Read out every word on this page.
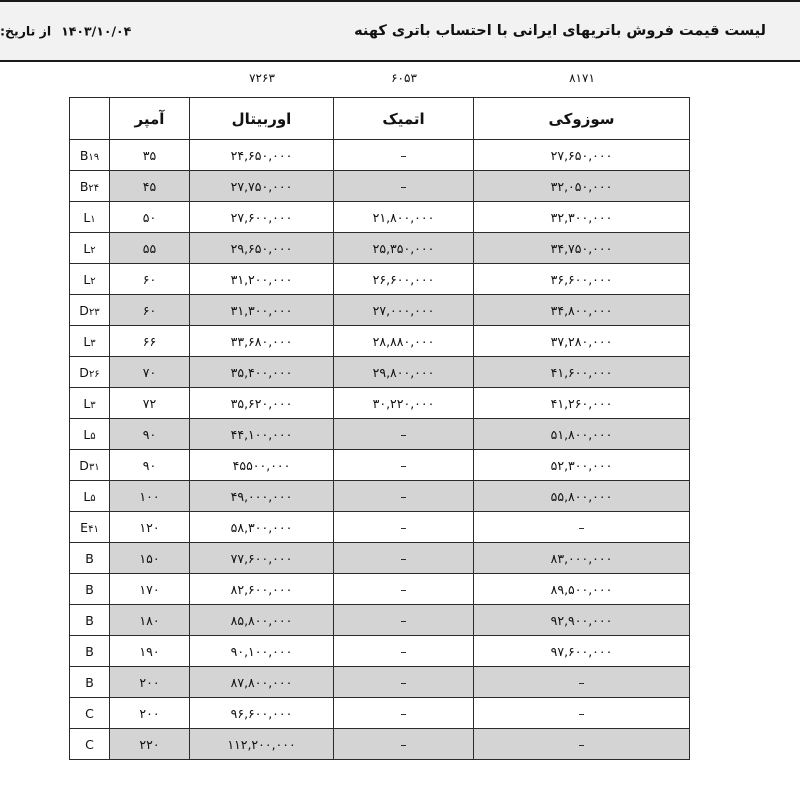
لیست قیمت فروش باتریهای ایرانی با احتساب باتری کهنه
از تاریخ: ۱۴۰۳/۱۰/۰۴
۸۱۷۱
۶۰۵۳
۷۲۶۳
سوزوکی	اتمیک	اوربیتال	آمپر	
۲۷,۶۵۰,۰۰۰	–	۲۴,۶۵۰,۰۰۰	۳۵	B۱۹
۳۲,۰۵۰,۰۰۰	–	۲۷,۷۵۰,۰۰۰	۴۵	B۲۴
۳۲,۳۰۰,۰۰۰	۲۱,۸۰۰,۰۰۰	۲۷,۶۰۰,۰۰۰	۵۰	L۱
۳۴,۷۵۰,۰۰۰	۲۵,۳۵۰,۰۰۰	۲۹,۶۵۰,۰۰۰	۵۵	L۲
۳۶,۶۰۰,۰۰۰	۲۶,۶۰۰,۰۰۰	۳۱,۲۰۰,۰۰۰	۶۰	L۲
۳۴,۸۰۰,۰۰۰	۲۷,۰۰۰,۰۰۰	۳۱,۳۰۰,۰۰۰	۶۰	D۲۳
۳۷,۲۸۰,۰۰۰	۲۸,۸۸۰,۰۰۰	۳۳,۶۸۰,۰۰۰	۶۶	L۳
۴۱,۶۰۰,۰۰۰	۲۹,۸۰۰,۰۰۰	۳۵,۴۰۰,۰۰۰	۷۰	D۲۶
۴۱,۲۶۰,۰۰۰	۳۰,۲۲۰,۰۰۰	۳۵,۶۲۰,۰۰۰	۷۲	L۳
۵۱,۸۰۰,۰۰۰	–	۴۴,۱۰۰,۰۰۰	۹۰	L۵
۵۲,۳۰۰,۰۰۰	–	۴۵۵۰۰,۰۰۰	۹۰	D۳۱
۵۵,۸۰۰,۰۰۰	–	۴۹,۰۰۰,۰۰۰	۱۰۰	L۵
–	–	۵۸,۳۰۰,۰۰۰	۱۲۰	E۴۱
۸۳,۰۰۰,۰۰۰	–	۷۷,۶۰۰,۰۰۰	۱۵۰	B
۸۹,۵۰۰,۰۰۰	–	۸۲,۶۰۰,۰۰۰	۱۷۰	B
۹۲,۹۰۰,۰۰۰	–	۸۵,۸۰۰,۰۰۰	۱۸۰	B
۹۷,۶۰۰,۰۰۰	–	۹۰,۱۰۰,۰۰۰	۱۹۰	B
–	–	۸۷,۸۰۰,۰۰۰	۲۰۰	B
–	–	۹۶,۶۰۰,۰۰۰	۲۰۰	C
–	–	۱۱۲,۲۰۰,۰۰۰	۲۲۰	C
